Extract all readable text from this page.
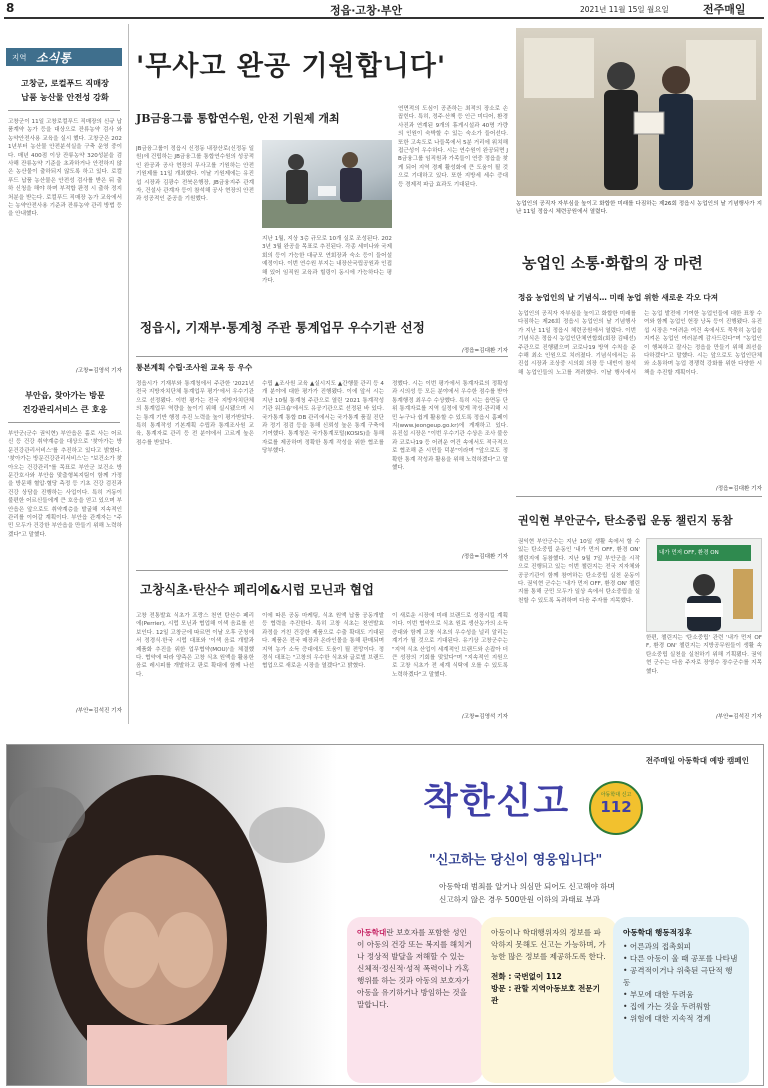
8	정읍·고창·부안	2021년 11월 15일 월요일	전주매일
지역 소식통
고창군, 로컬푸드 직매장
납품 농산물 안전성 강화
고창군이 11일 고창로컬푸드 직매장의 신규 납품계약 농가 등을 대상으로 잔류농약 검사 와 농약안전사용 교육을 실시 했다. 고창군은 2021년부터 농산물 안전분석실을 구축 운영 중이 다. 매년 400점 이상 잔류농약 320성분을 검사해 잔류농약 기준을 초과하거나 안전하지 않은 농산물이 출하되지 않도록 하고 있다. 로컬푸드 납품 농산물은 안전성 검사를 받은 뒤 출하 신청을 해야 하며 부적합 판정 시 출하 정지 처분을 받는다. 로컬푸드 직매장 농가 교육에서는 농약안전사용 기준과 잔류농약 관리 방법 등을 안내했다.
/고창=김영석 기자
부안읍, 찾아가는 방문
건강관리서비스 큰 호응
부안군(군수 권익현) 부안읍은 홀로 사는 어르신 등 건강 취약계층을 대상으로 '찾아가는 방문건강관리서비스'를 추진하고 있다고 밝혔다. '찾아가는 방문건강관리서비스'는 "보건소가 찾아오는 건강관리"를 목표로 부안군 보건소 방문간호사와 부안읍 맞춤형복지팀이 함께 가정을 방문해 혈압·혈당 측정 등 기초 건강 검진과 건강 상담을 진행하는 사업이다. 특히 거동이 불편한 어르신들에게 큰 호응을 얻고 있으며 부안읍은 앞으로도 취약계층을 발굴해 지속적인 관리를 이어갈 계획이다. 부안읍 관계자는 "주민 모두가 건강한 부안읍을 만들기 위해 노력하겠다"고 말했다.
/부안=김석진 기자
'무사고 완공 기원합니다'
JB금융그룹 통합연수원, 안전 기원제 개최
JB금융그룹이 정읍시 신정동 내장산로(신정동 일원)에 건립하는 JB금융그룹 통합연수원의 성공적인 완공과 공사 현장의 무사고를 기원하는 안전 기원제를 11일 개최했다. 이날 기원제에는 유진섭 시장과 김광수 전북은행장, JB금융지주 관계자, 건설사 관계자 등이 참석해 공사 현장의 안전과 성공적인 준공을 기원했다.
지난 1월, 지상 3층 규모로 10개 실로 조성된다. 2023년 3월 완공을 목표로 추진된다. 각종 세미나와 국제 회의 등이 가능한 대규모 연회장과 숙소 등이 들어설 예정이다. 이번 연수원 부지는 내장산국립공원과 인접해 있어 임직원 교육과 힐링이 동시에 가능하다는 평가다.
연면적의 도심이 공존하는 최적의 장소로 손꼽힌다. 특히, 정주·산책 등 인근 미디어, 환경 사진과 연계된 9개의 휴게시설과 40명 가량의 인원이 숙박할 수 있는 숙소가 들어선다. 또한 고속도로 나들목에서 5분 거리에 위치해 접근성이 우수하다. 시는 연수원이 완공되면 JB금융그룹 임직원과 가족들이 연중 정읍을 찾게 되어 지역 경제 활성화에 큰 도움이 될 것으로 기대하고 있다. 또한 지방세 세수 증대 등 경제적 파급 효과도 기대된다.
/정읍=김대환 기자
농업인의 공직자 자부심을 높이고 화합한 미래를 다짐하는 제26회 정읍시 농업인의 날 기념행사가 지난 11일 정읍시 체련공원에서 열렸다.
농업인 소통·화합의 장 마련
정읍 농업인의 날 기념식… 미래 농업 위한 새로운 각오 다져
농업인의 공직자 자부심을 높이고 화합한 미래를 다짐하는 제26회 정읍시 농업인의 날 기념행사가 지난 11일 정읍시 체련공원에서 열렸다. 이번 기념식은 정읍시 농업인단체연합회(회장 김태선) 주관으로 진행됐으며 코로나19 방역 수칙을 준수해 최소 인원으로 치러졌다. 기념식에서는 유진섭 시장과 조상중 시의회 의장 등 내빈이 참석해 농업인들의 노고를 격려했다. 이날 행사에서는 농업 발전에 기여한 농업인들에 대한 표창 수여와 함께 농업인 헌장 낭독 등이 진행됐다. 유진섭 시장은 "어려운 여건 속에서도 묵묵히 농업을 지켜온 농업인 여러분께 감사드린다"며 "농업인이 행복하고 잘사는 정읍을 만들기 위해 최선을 다하겠다"고 말했다. 시는 앞으로도 농업인단체와 소통하며 농업 경쟁력 강화를 위한 다양한 시책을 추진할 계획이다.
/정읍=김대환 기자
정읍시, 기재부·통계청 주관 통계업무 우수기관 선정
통본계획 수립·조사원 교육 등 우수
정읍시가 기재부와 통계청에서 주관한 '2021년 전국 지방자치단체 통계업무 평가'에서 우수기관으로 선정됐다. 이번 평가는 전국 지방자치단체의 통계업무 역량을 높이기 위해 실시됐으며 시는 통계 기반 행정 추진 노력을 높이 평가받았다. 특히 통계작성 기본계획 수립과 통계조사원 교육, 통계자료 관리 등 전 분야에서 고르게 높은 점수를 받았다.
수립 ▲조사원 교육 ▲실시지도 ▲간행물 관리 등 4개 분야에 대한 평가가 진행됐다. 이에 앞서 시는 지난 10월 통계청 주관으로 열린 '2021 통계작성기관 워크숍'에서도 유공기관으로 선정된 바 있다. 국가통계 통합 DB 관리에서는 국가통계 품질 진단과 정기 점검 등을 통해 신뢰성 높은 통계 구축에 기여했다. 통계청은 국가통계포털(KOSIS)을 통해 자료를 제공하며 정확한 통계 작성을 위한 협조를 당부했다.
정했다. 시는 이번 평가에서 통계자료의 정확성과 시의성 등 모든 분야에서 우수한 점수를 받아 통계행정 최우수 수상했다. 특히 시는 읍면동 단위 통계자료를 지역 실정에 맞게 작성·관리해 시민 누구나 쉽게 활용할 수 있도록 정읍시 홈페이지(www.jeongeup.go.kr)에 게재하고 있다. 유진섭 시장은 "이번 우수기관 수상은 조사 불응과 코로나19 등 어려운 여건 속에서도 적극적으로 협조해 준 시민들 덕분"이라며 "앞으로도 정확한 통계 작성과 활용을 위해 노력하겠다"고 말했다.
/정읍=김대환 기자
고창식초·탄산수 페리에&시럽 모닌과 협업
고창 전통발효 식초가 프랑스 천연 탄산수 페리에(Perrier), 시럽 모닌과 협업해 이색 음료를 선보인다. 12일 고창군에 따르면 이날 오후 군청에서 정경식·한국 시럽 대표와 '이색 음료 개발과 제품화 추진을 위한 업무협약(MOU)'을 체결했다. 협약에 따라 양측은 고창 식초 원액을 활용한 음료 레시피를 개발하고 판로 확대에 함께 나선다.
이에 따른 공동 마케팅, 식초 원액 납품 공동개발 등 협력을 추진한다. 특히 고창 식초는 천연발효 과정을 거친 건강한 제품으로 수출 확대도 기대된다. 제품은 전국 매장과 온라인몰을 통해 판매되며 지역 농가 소득 증대에도 도움이 될 전망이다. 정경식 대표는 "고창의 우수한 식초와 글로벌 브랜드 협업으로 새로운 시장을 열겠다"고 밝혔다.
이 새로운 시장에 미래 브랜드로 성장시킬 계획이다. 이번 협약으로 식초 원료 생산농가의 소득 증대와 함께 고창 식초의 우수성을 널리 알리는 계기가 될 것으로 기대된다. 유기상 고창군수는 "지역 식초 산업이 세계적인 브랜드와 손잡아 더 큰 성장의 기회를 맞았다"며 "지속적인 지원으로 고창 식초가 전 세계 식탁에 오를 수 있도록 노력하겠다"고 말했다.
/고창=김영석 기자
권익현 부안군수, 탄소중립 운동 챌린지 동참
권익현 부안군수는 지난 10일 생활 속에서 할 수 있는 탄소중립 운동인 '내가 먼저 OFF, 환경 ON' 챌린지에 동참했다. 지난 9월 7일 부안군을 시작으로 진행되고 있는 이번 챌린지는 전국 지자체와 공공기관이 함께 참여하는 탄소중립 실천 운동이다. 권익현 군수는 '내가 먼저 OFF, 환경 ON' 챌린지를 통해 군민 모두가 일상 속에서 탄소중립을 실천할 수 있도록 독려하며 다음 주자를 지목했다.
내가 먼저 OFF, 환경 ON
한편, 챌린지는 '탄소중립' 관련 '내가 먼저 OFF, 환경 ON' 챌린지는 지방공무원들이 생활 속 탄소중립 실천을 실천하기 위해 기획됐다. 권익현 군수는 다음 주자로 장영수 장수군수를 지목했다.
/부안=김석진 기자
전주매일 아동학대 예방 캠페인
착한신고	아동학대 신고
112
"신고하는 당신이 영웅입니다"
아동학대 범죄를 알거나 의심만 되어도 신고해야 하며
신고하지 않은 경우 500만원 이하의 과태료 부과
아동학대란 보호자를 포함한 성인이 아동의 건강 또는 복지를 해치거나 정상적 발달을 저해할 수 있는 신체적·정신적·성적 폭력이나 가혹행위를 하는 것과 아동의 보호자가 아동을 유기하거나 방임하는 것을 말합니다.
아동이나 학대행위자의 정보를 파악하지 못해도 신고는 가능하며, 가능한 많은 정보를 제공하도록 한다.
전화 : 국번없이 112
방문 : 관할 지역아동보호 전문기관
아동학대 행동적징후
• 어른과의 접촉회피
• 다른 아동이 울 때 공포를 나타냄
• 공격적이거나 위축된 극단적 행동
• 부모에 대한 두려움
• 집에 가는 것을 두려워함
• 위험에 대한 지속적 경계
